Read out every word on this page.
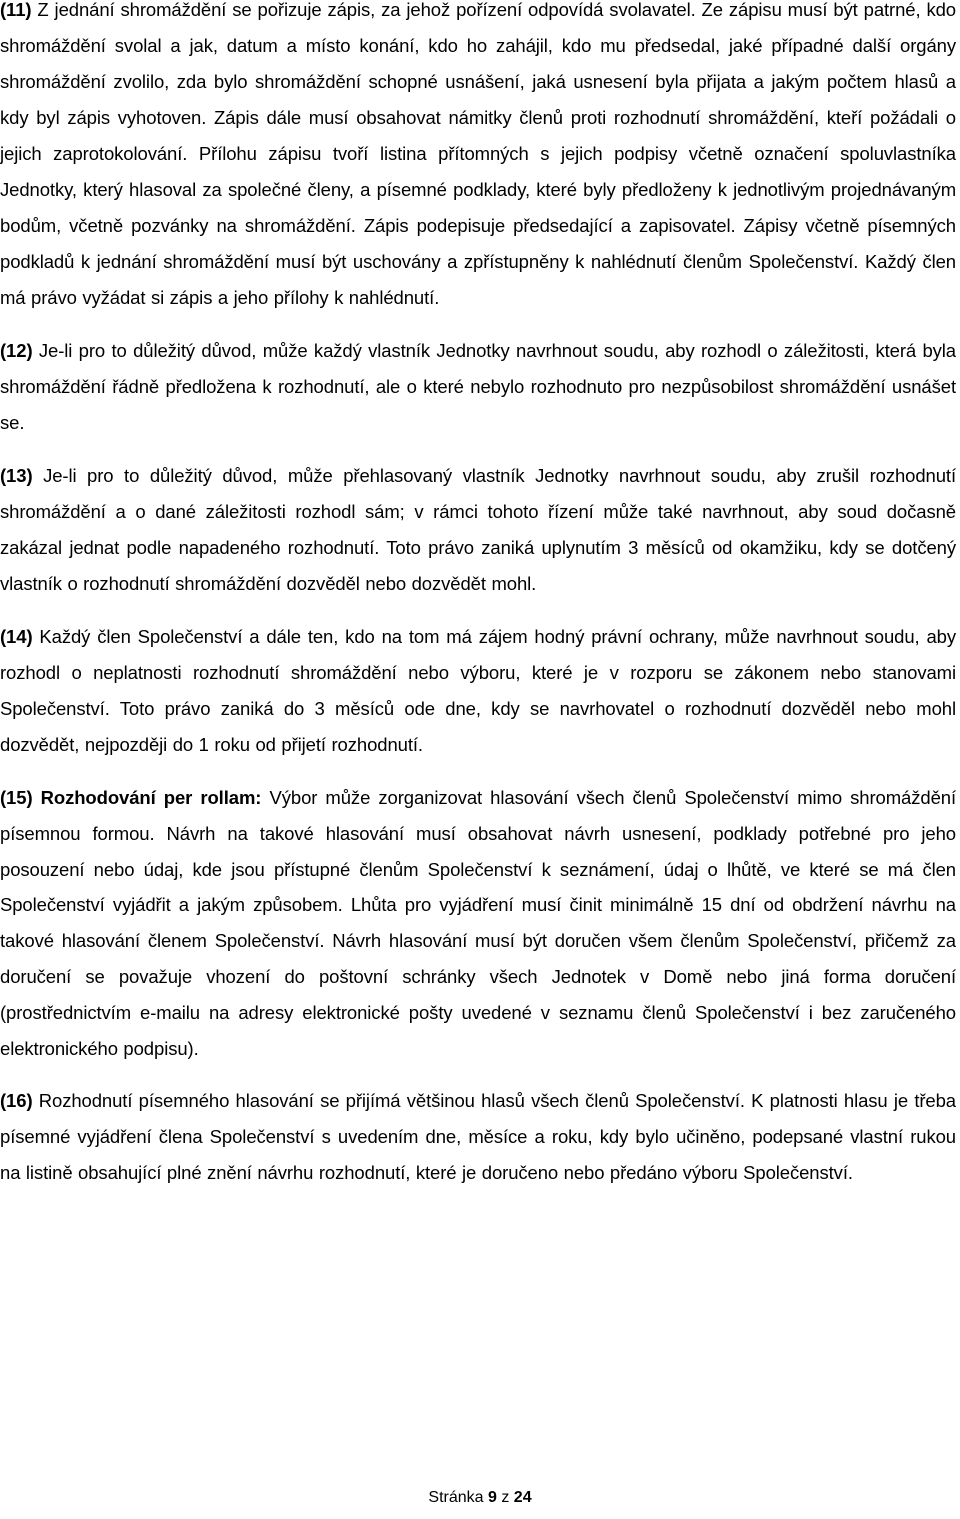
(11) Z jednání shromáždění se pořizuje zápis, za jehož pořízení odpovídá svolavatel. Ze zápisu musí být patrné, kdo shromáždění svolal a jak, datum a místo konání, kdo ho zahájil, kdo mu předsedal, jaké případné další orgány shromáždění zvolilo, zda bylo shromáždění schopné usnášení, jaká usnesení byla přijata a jakým počtem hlasů a kdy byl zápis vyhotoven. Zápis dále musí obsahovat námitky členů proti rozhodnutí shromáždění, kteří požádali o jejich zaprotokolování. Přílohu zápisu tvoří listina přítomných s jejich podpisy včetně označení spoluvlastníka Jednotky, který hlasoval za společné členy, a písemné podklady, které byly předloženy k jednotlivým projednávaným bodům, včetně pozvánky na shromáždění. Zápis podepisuje předsedající a zapisovatel. Zápisy včetně písemných podkladů k jednání shromáždění musí být uschovány a zpřístupněny k nahlédnutí členům Společenství. Každý člen má právo vyžádat si zápis a jeho přílohy k nahlédnutí.

(12) Je-li pro to důležitý důvod, může každý vlastník Jednotky navrhnout soudu, aby rozhodl o záležitosti, která byla shromáždění řádně předložena k rozhodnutí, ale o které nebylo rozhodnuto pro nezpůsobilost shromáždění usnášet se.

(13) Je-li pro to důležitý důvod, může přehlasovaný vlastník Jednotky navrhnout soudu, aby zrušil rozhodnutí shromáždění a o dané záležitosti rozhodl sám; v rámci tohoto řízení může také navrhnout, aby soud dočasně zakázal jednat podle napadeného rozhodnutí. Toto právo zaniká uplynutím 3 měsíců od okamžiku, kdy se dotčený vlastník o rozhodnutí shromáždění dozvěděl nebo dozvědět mohl.

(14) Každý člen Společenství a dále ten, kdo na tom má zájem hodný právní ochrany, může navrhnout soudu, aby rozhodl o neplatnosti rozhodnutí shromáždění nebo výboru, které je v rozporu se zákonem nebo stanovami Společenství. Toto právo zaniká do 3 měsíců ode dne, kdy se navrhovatel o rozhodnutí dozvěděl nebo mohl dozvědět, nejpozději do 1 roku od přijetí rozhodnutí.

(15) Rozhodování per rollam: Výbor může zorganizovat hlasování všech členů Společenství mimo shromáždění písemnou formou. Návrh na takové hlasování musí obsahovat návrh usnesení, podklady potřebné pro jeho posouzení nebo údaj, kde jsou přístupné členům Společenství k seznámení, údaj o lhůtě, ve které se má člen Společenství vyjádřit a jakým způsobem. Lhůta pro vyjádření musí činit minimálně 15 dní od obdržení návrhu na takové hlasování členem Společenství. Návrh hlasování musí být doručen všem členům Společenství, přičemž za doručení se považuje vhození do poštovní schránky všech Jednotek v Domě nebo jiná forma doručení (prostřednictvím e-mailu na adresy elektronické pošty uvedené v seznamu členů Společenství i bez zaručeného elektronického podpisu).

(16) Rozhodnutí písemného hlasování se přijímá většinou hlasů všech členů Společenství. K platnosti hlasu je třeba písemné vyjádření člena Společenství s uvedením dne, měsíce a roku, kdy bylo učiněno, podepsané vlastní rukou na listině obsahující plné znění návrhu rozhodnutí, které je doručeno nebo předáno výboru Společenství.

Stránka 9 z 24
